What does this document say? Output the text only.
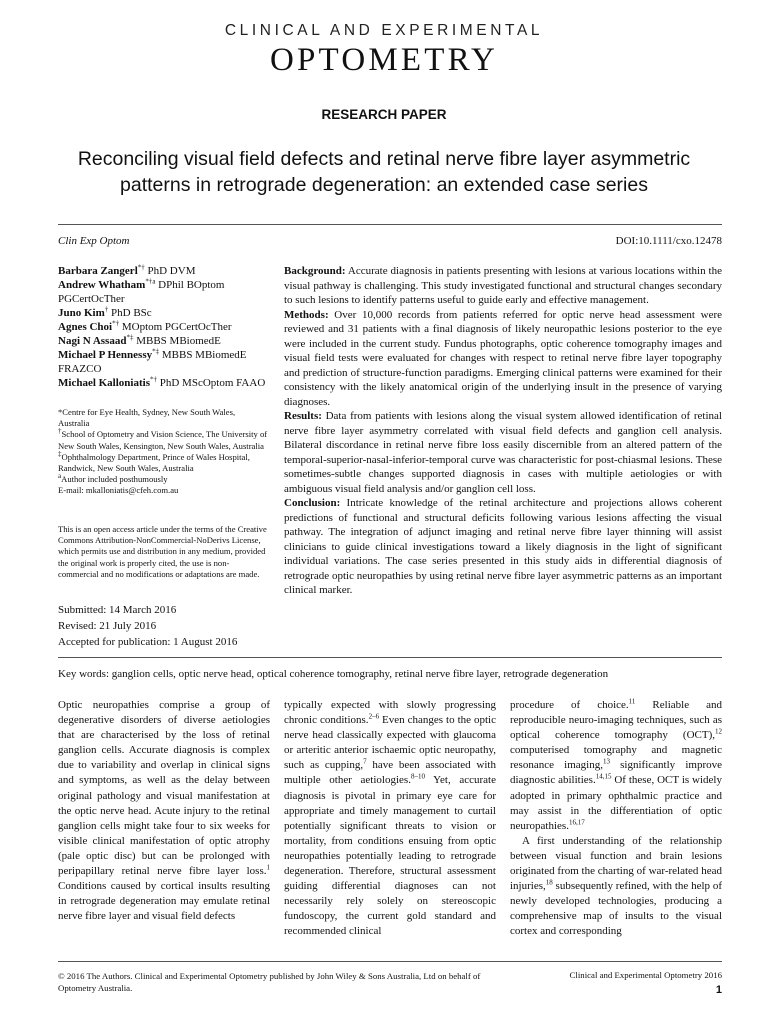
CLINICAL AND EXPERIMENTAL
OPTOMETRY
RESEARCH PAPER
Reconciling visual field defects and retinal nerve fibre layer asymmetric patterns in retrograde degeneration: an extended case series
Clin Exp Optom	DOI:10.1111/cxo.12478

Barbara Zangerl*† PhD DVM

Andrew Whatham$^{*\dagger a}$ DPhil BOptom PGCertOcTher

Juno Kim† PhD BSc

Agnes Choi*† MOptom PGCertOcTher

Nagi N Assaad*‡ MBBS MBiomedE

Michael P Hennessy*‡ MBBS MBiomedE FRAZCO

Michael Kalloniatis*† PhD MScOptom FAAO

*Centre for Eye Health, Sydney, New South Wales, Australia

†School of Optometry and Vision Science, The University of New South Wales, Kensington, New South Wales, Australia

‡Ophthalmology Department, Prince of Wales Hospital, Randwick, New South Wales, Australia

$^a$Author included posthumously

E-mail: mkalloniatis@cfeh.com.au

This is an open access article under the terms of the Creative Commons Attribution-NonCommercial-NoDerivs License, which permits use and distribution in any medium, provided the original work is properly cited, the use is non-commercial and no modifications or adaptations are made.
Submitted: 14 March 2016
Revised: 21 July 2016
Accepted for publication: 1 August 2016

Background: Accurate diagnosis in patients presenting with lesions at various locations within the visual pathway is challenging. This study investigated functional and structural changes secondary to such lesions to identify patterns useful to guide early and effective management.

Methods: Over 10,000 records from patients referred for optic nerve head assessment were reviewed and 31 patients with a final diagnosis of likely neuropathic lesions posterior to the eye were included in the current study. Fundus photographs, optic coherence tomography images and visual field tests were evaluated for changes with respect to retinal nerve fibre layer topography and prediction of structure-function paradigms. Emerging clinical patterns were examined for their consistency with the likely anatomical origin of the underlying insult in the presence of varying diagnoses.

Results: Data from patients with lesions along the visual system allowed identification of retinal nerve fibre layer asymmetry correlated with visual field defects and ganglion cell analysis. Bilateral discordance in retinal nerve fibre loss easily discernible from an altered pattern of the temporal-superior-nasal-inferior-temporal curve was characteristic for post-chiasmal lesions. These sometimes-subtle changes supported diagnosis in cases with multiple aetiologies or with ambiguous visual field analysis and/or ganglion cell loss.

Conclusion: Intricate knowledge of the retinal architecture and projections allows coherent predictions of functional and structural deficits following various lesions affecting the visual pathway. The integration of adjunct imaging and retinal nerve fibre layer thinning will assist clinicians to guide clinical investigations toward a likely diagnosis in the light of significant individual variations. The case series presented in this study aids in differential diagnosis of retrograde optic neuropathies by using retinal nerve fibre layer asymmetric patterns as an important clinical marker.

Key words: ganglion cells, optic nerve head, optical coherence tomography, retinal nerve fibre layer, retrograde degeneration

Optic neuropathies comprise a group of degenerative disorders of diverse aetiologies that are characterised by the loss of retinal ganglion cells. Accurate diagnosis is complex due to variability and overlap in clinical signs and symptoms, as well as the delay between original pathology and visual manifestation at the optic nerve head. Acute injury to the retinal ganglion cells might take four to six weeks for visible clinical manifestation of optic atrophy (pale optic disc) but can be prolonged with peripapillary retinal nerve fibre layer loss.$^1$ Conditions caused by cortical insults resulting in retrograde degeneration may emulate retinal nerve fibre layer and visual field defects

typically expected with slowly progressing chronic conditions.$^{2-6}$ Even changes to the optic nerve head classically expected with glaucoma or arteritic anterior ischaemic optic neuropathy, such as cupping,$^7$ have been associated with multiple other aetiologies.$^{8-10}$ Yet, accurate diagnosis is pivotal in primary eye care for appropriate and timely management to curtail potentially significant threats to vision or mortality, from conditions ensuing from optic neuropathies potentially leading to retrograde degeneration. Therefore, structural assessment guiding differential diagnoses can not necessarily rely solely on stereoscopic fundoscopy, the current gold standard and recommended clinical

procedure of choice.$^{11}$ Reliable and reproducible neuro-imaging techniques, such as optical coherence tomography (OCT),$^{12}$ computerised tomography and magnetic resonance imaging,$^{13}$ significantly improve diagnostic abilities.$^{14,15}$ Of these, OCT is widely adopted in primary ophthalmic practice and may assist in the differentiation of optic neuropathies.$^{16,17}$

A first understanding of the relationship between visual function and brain lesions originated from the charting of war-related head injuries,$^{18}$ subsequently refined, with the help of newly developed technologies, producing a comprehensive map of insults to the visual cortex and corresponding

© 2016 The Authors. Clinical and Experimental Optometry published by John Wiley & Sons Australia, Ltd on behalf of Optometry Australia.
Clinical and Experimental Optometry 2016
1
